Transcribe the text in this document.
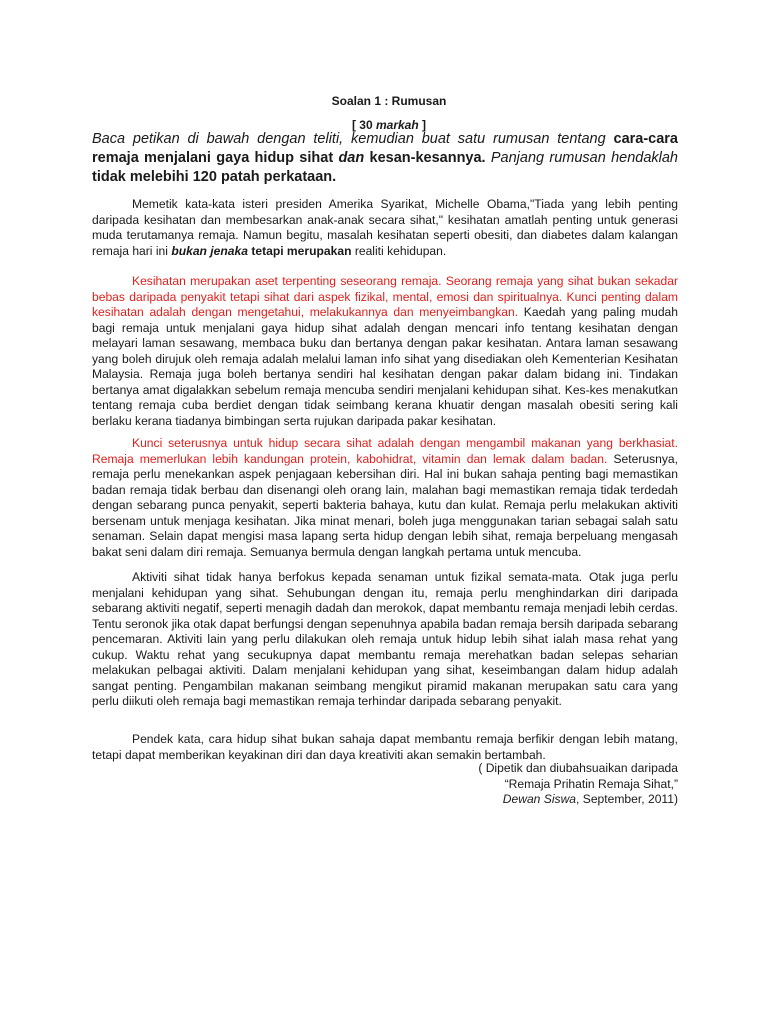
Soalan 1 : Rumusan
[ 30 markah ]
Baca petikan di bawah dengan teliti, kemudian buat satu rumusan tentang cara-cara remaja menjalani gaya hidup sihat dan kesan-kesannya. Panjang rumusan hendaklah tidak melebihi 120 patah perkataan.
Memetik kata-kata isteri presiden Amerika Syarikat, Michelle Obama,"Tiada yang lebih penting daripada kesihatan dan membesarkan anak-anak secara sihat," kesihatan amatlah penting untuk generasi muda terutamanya remaja. Namun begitu, masalah kesihatan seperti obesiti, dan diabetes dalam kalangan remaja hari ini bukan jenaka tetapi merupakan realiti kehidupan.
Kesihatan merupakan aset terpenting seseorang remaja. Seorang remaja yang sihat bukan sekadar bebas daripada penyakit tetapi sihat dari aspek fizikal, mental, emosi dan spiritualnya. Kunci penting dalam kesihatan adalah dengan mengetahui, melakukannya dan menyeimbangkan. Kaedah yang paling mudah bagi remaja untuk menjalani gaya hidup sihat adalah dengan mencari info tentang kesihatan dengan melayari laman sesawang, membaca buku dan bertanya dengan pakar kesihatan. Antara laman sesawang yang boleh dirujuk oleh remaja adalah melalui laman info sihat yang disediakan oleh Kementerian Kesihatan Malaysia. Remaja juga boleh bertanya sendiri hal kesihatan dengan pakar dalam bidang ini. Tindakan bertanya amat digalakkan sebelum remaja mencuba sendiri menjalani kehidupan sihat. Kes-kes menakutkan tentang remaja cuba berdiet dengan tidak seimbang kerana khuatir dengan masalah obesiti sering kali berlaku kerana tiadanya bimbingan serta rujukan daripada pakar kesihatan.
Kunci seterusnya untuk hidup secara sihat adalah dengan mengambil makanan yang berkhasiat. Remaja memerlukan lebih kandungan protein, kabohidrat, vitamin dan lemak dalam badan. Seterusnya, remaja perlu menekankan aspek penjagaan kebersihan diri. Hal ini bukan sahaja penting bagi memastikan badan remaja tidak berbau dan disenangi oleh orang lain, malahan bagi memastikan remaja tidak terdedah dengan sebarang punca penyakit, seperti bakteria bahaya, kutu dan kulat. Remaja perlu melakukan aktiviti bersenam untuk menjaga kesihatan. Jika minat menari, boleh juga menggunakan tarian sebagai salah satu senaman. Selain dapat mengisi masa lapang serta hidup dengan lebih sihat, remaja berpeluang mengasah bakat seni dalam diri remaja. Semuanya bermula dengan langkah pertama untuk mencuba.
Aktiviti sihat tidak hanya berfokus kepada senaman untuk fizikal semata-mata. Otak juga perlu menjalani kehidupan yang sihat. Sehubungan dengan itu, remaja perlu menghindarkan diri daripada sebarang aktiviti negatif, seperti menagih dadah dan merokok, dapat membantu remaja menjadi lebih cerdas. Tentu seronok jika otak dapat berfungsi dengan sepenuhnya apabila badan remaja bersih daripada sebarang pencemaran. Aktiviti lain yang perlu dilakukan oleh remaja untuk hidup lebih sihat ialah masa rehat yang cukup. Waktu rehat yang secukupnya dapat membantu remaja merehatkan badan selepas seharian melakukan pelbagai aktiviti. Dalam menjalani kehidupan yang sihat, keseimbangan dalam hidup adalah sangat penting. Pengambilan makanan seimbang mengikut piramid makanan merupakan satu cara yang perlu diikuti oleh remaja bagi memastikan remaja terhindar daripada sebarang penyakit.
Pendek kata, cara hidup sihat bukan sahaja dapat membantu remaja berfikir dengan lebih matang, tetapi dapat memberikan keyakinan diri dan daya kreativiti akan semakin bertambah.
( Dipetik dan diubahsuaikan daripada
“Remaja Prihatin Remaja Sihat,”
Dewan Siswa, September, 2011)
